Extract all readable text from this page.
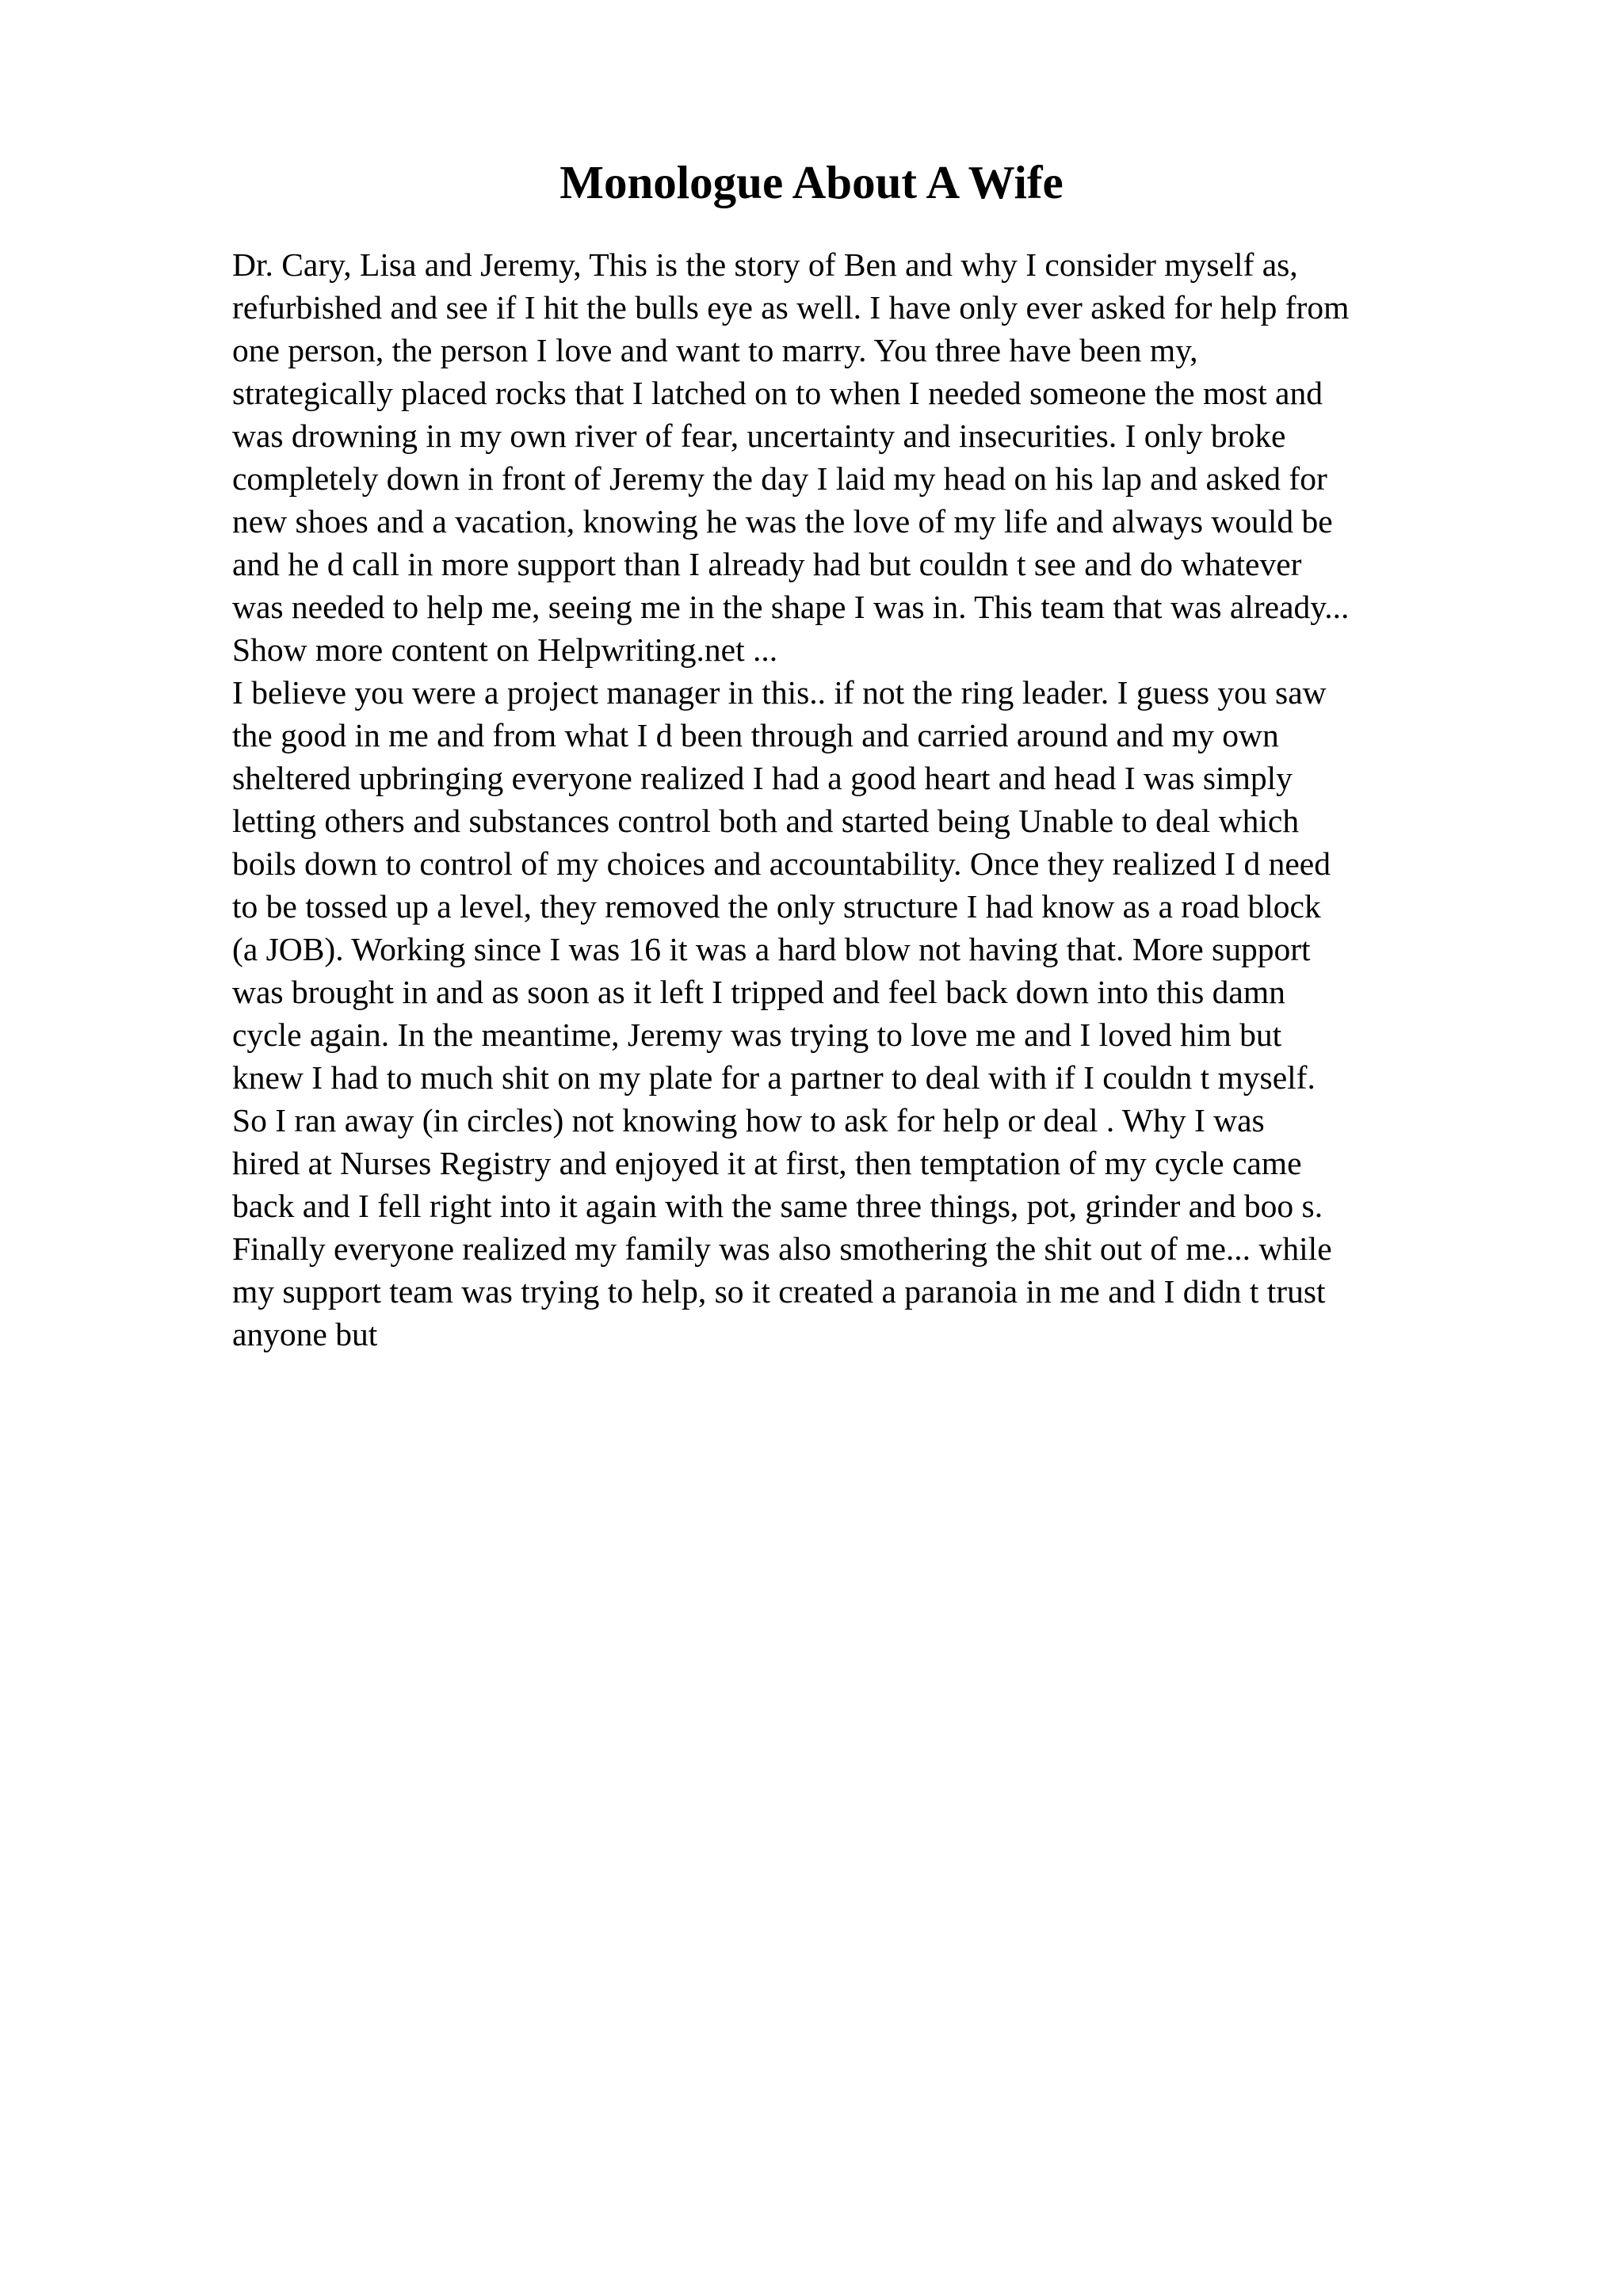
Monologue About A Wife
Dr. Cary, Lisa and Jeremy, This is the story of Ben and why I consider myself as,
refurbished and see if I hit the bulls eye as well. I have only ever asked for help from
one person, the person I love and want to marry. You three have been my,
strategically placed rocks that I latched on to when I needed someone the most and
was drowning in my own river of fear, uncertainty and insecurities. I only broke
completely down in front of Jeremy the day I laid my head on his lap and asked for
new shoes and a vacation, knowing he was the love of my life and always would be
and he d call in more support than I already had but couldn t see and do whatever
was needed to help me, seeing me in the shape I was in. This team that was already...
Show more content on Helpwriting.net ...
I believe you were a project manager in this.. if not the ring leader. I guess you saw
the good in me and from what I d been through and carried around and my own
sheltered upbringing everyone realized I had a good heart and head I was simply
letting others and substances control both and started being Unable to deal which
boils down to control of my choices and accountability. Once they realized I d need
to be tossed up a level, they removed the only structure I had know as a road block
(a JOB). Working since I was 16 it was a hard blow not having that. More support
was brought in and as soon as it left I tripped and feel back down into this damn
cycle again. In the meantime, Jeremy was trying to love me and I loved him but
knew I had to much shit on my plate for a partner to deal with if I couldn t myself.
So I ran away (in circles) not knowing how to ask for help or deal . Why I was
hired at Nurses Registry and enjoyed it at first, then temptation of my cycle came
back and I fell right into it again with the same three things, pot, grinder and boo s.
Finally everyone realized my family was also smothering the shit out of me... while
my support team was trying to help, so it created a paranoia in me and I didn t trust
anyone but
